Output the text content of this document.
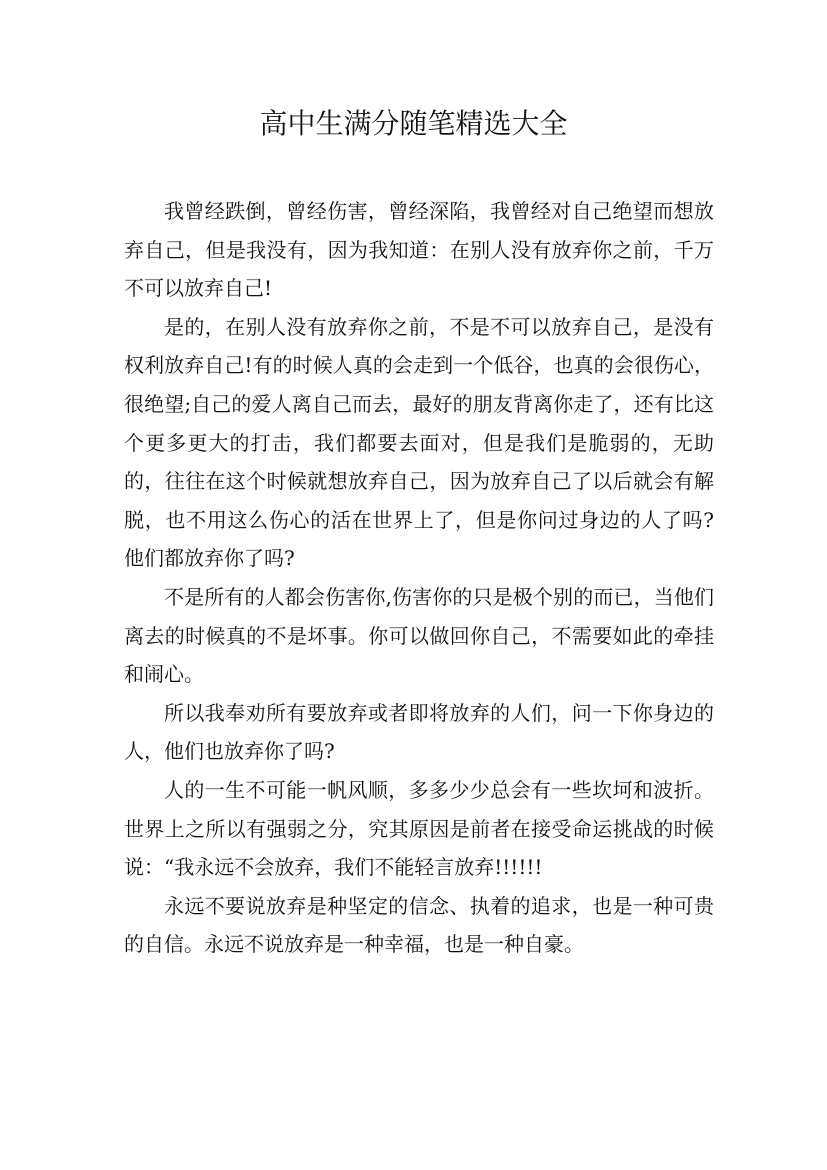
高中生满分随笔精选大全

我曾经跌倒，曾经伤害，曾经深陷，我曾经对自己绝望而想放弃自己，但是我没有，因为我知道：在别人没有放弃你之前，千万不可以放弃自己!

是的，在别人没有放弃你之前，不是不可以放弃自己，是没有权利放弃自己!有的时候人真的会走到一个低谷，也真的会很伤心，很绝望;自己的爱人离自己而去，最好的朋友背离你走了，还有比这个更多更大的打击，我们都要去面对，但是我们是脆弱的，无助的，往往在这个时候就想放弃自己，因为放弃自己了以后就会有解脱，也不用这么伤心的活在世界上了，但是你问过身边的人了吗?他们都放弃你了吗?

不是所有的人都会伤害你,伤害你的只是极个别的而已，当他们离去的时候真的不是坏事。你可以做回你自己，不需要如此的牵挂和闹心。

所以我奉劝所有要放弃或者即将放弃的人们，问一下你身边的人，他们也放弃你了吗?

人的一生不可能一帆风顺，多多少少总会有一些坎坷和波折。世界上之所以有强弱之分，究其原因是前者在接受命运挑战的时候说：“我永远不会放弃，我们不能轻言放弃!!!!!!

永远不要说放弃是种坚定的信念、执着的追求，也是一种可贵的自信。永远不说放弃是一种幸福，也是一种自豪。
